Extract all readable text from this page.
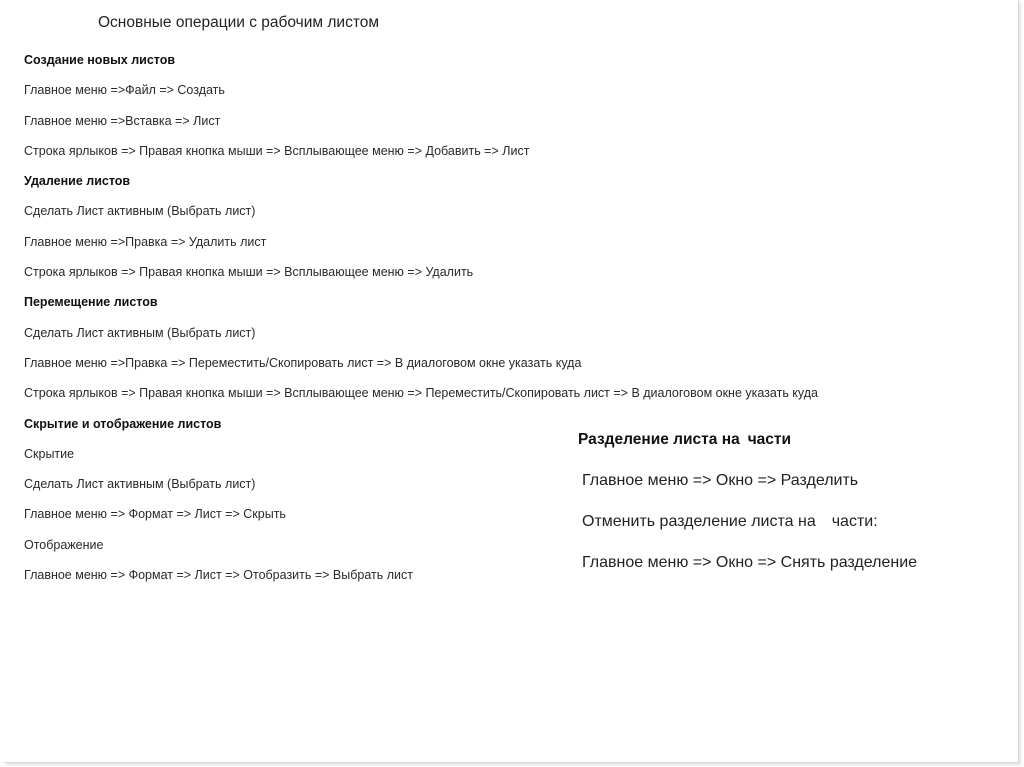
Основные операции с рабочим листом
Создание новых листов
Главное меню =>Файл => Создать
Главное меню =>Вставка => Лист
Строка ярлыков => Правая кнопка мыши => Всплывающее меню => Добавить => Лист
Удаление листов
Сделать Лист активным (Выбрать лист)
Главное меню =>Правка => Удалить лист
Строка ярлыков => Правая кнопка мыши => Всплывающее меню => Удалить
Перемещение листов
Сделать Лист активным (Выбрать лист)
Главное меню =>Правка => Переместить/Скопировать лист => В диалоговом окне указать куда
Строка ярлыков => Правая кнопка мыши => Всплывающее меню => Переместить/Скопировать лист => В диалоговом окне указать куда
Скрытие и отображение листов
Скрытие
Сделать Лист активным (Выбрать лист)
Главное меню => Формат => Лист => Скрыть
Отображение
Главное меню => Формат => Лист => Отобразить => Выбрать лист
Разделение листа на части
Главное меню => Окно => Разделить
Отменить разделение листа на части:
Главное меню => Окно => Снять разделение
